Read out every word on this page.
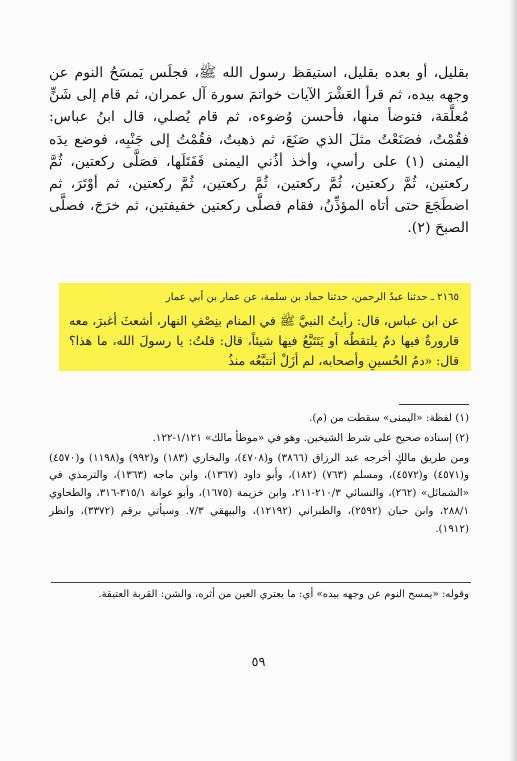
بقليل، أو بعده بقليل، استيقظ رسول الله ﷺ، فجلَس يَمسَحُ النوم عن وجهه بيده، ثم قرأ العَشْرَ الآيات خواتمَ سورة آل عمران، ثم قام إلى شَنٍّ مُعلَّقة، فتوضأ منها، فأحسن وُضوءه، ثم قام يُصلي، قال ابنُ عباس: فقُمْتُ، فصَنَعْتُ مثلَ الذي صَنَعَ، ثم ذهبتُ، فقُمْتُ إلى جَنْبِه، فوضع يدَه اليمنى (١) على رأسي، وأخذ أذُني اليمنى فَفَتَلَها، فصَلَّى ركعتين، ثُمَّ ركعتين، ثُمَّ ركعتين، ثُمَّ ركعتين، ثُمَّ ركعتين، ثُمَّ ركعتين، ثم أوْتَرَ، ثم اضطَجَعَ حتى أتاه المؤذِّنُ، فقام فصلَّى ركعتين خفيفتين، ثم خرَجَ، فصلَّى الصبحَ (٢).

٢١٦٥ ـ حدثنا عبدُ الرحمن، حدثنا حماد بن سلمة، عن عمار بن أبي عمار

عن ابن عباس، قال: رأيتُ النبيَّ ﷺ في المنام بنِصْفِ النهار، أشعثَ أغبرَ، معه قارورةٌ فيها دمٌ يلتقطُه أو يَتَتَبَّعُ فيها شيئاً، قال: قلتُ: يا رسولَ الله، ما هذا؟ قال: «دمُ الحُسينِ وأصحابه، لم أزَلْ أتتبَّعُه منذُ

(١) لفظة: «اليمنى» سقطت من (م).

(٢) إسناده صحيح على شرط الشيخين. وهو في «موطأ مالك» ١/١٢١-١٢٢.

ومن طريق مالكٍ أخرجه عبد الرزاق (٣٨٦٦) و(٤٧٠٨)، والبخاري (١٨٣) و(٩٩٢) و(١١٩٨) و(٤٥٧٠) و(٤٥٧١) و(٤٥٧٢)، ومسلم (٧٦٣) (١٨٢)، وأبو داود (١٣٦٧)، وابن ماجه (١٣٦٣)، والترمذي في «الشمائل» (٢٦٢)، والنسائي ٢١٠/٣-٢١١، وابن خزيمة (١٦٧٥)، وأبو عوانة ٣١٥/١-٣١٦، والطحاوي ٢٨٨/١، وابن حبان (٢٥٩٢)، والطبراني (١٢١٩٢)، والبيهقي ٧/٣. وسيأتي برقم (٣٣٧٢)، وانظر (١٩١٢).

وقوله: «يمسح النوم عن وجهه بيده» أي: ما يعتري العين من أثره، والشن: القربة العتيقة.

٥٩
